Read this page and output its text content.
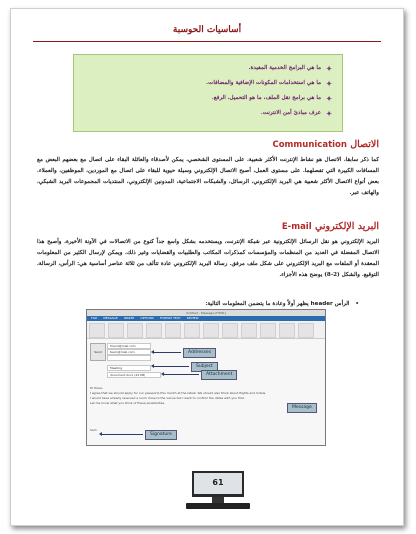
أساسيات الحوسبة
✦
ما هي البرامج الخدمية المفيدة.
✦
ما هي استخدامات المكونات الإضافية والمضافات.
✦
ما هي برامج نقل الملف، ما هو التحميل، الرفع.
✦
عرف مبادئ أمن الانترنت.
الاتصال Communication
كما ذكر سابقا، الاتصال هو نشاط الإنترنت الأكثر شعبية، على المستوى الشخصي، يمكن لأصدقاء والعائلة البقاء على اتصال مع بعضهم البعض مع المسافات الكبيرة التي تفصلهما. على مستوى العمل، أصبح الاتصال الإلكتروني وسيلة حيوية للبقاء على اتصال مع الموردين، الموظفين، والعملاء. بعض أنواع الاتصال الأكثر شعبية هي البريد الإلكتروني، الرسائل، والشبكات الاجتماعية، المدونين الإلكتروني، المنتديات المجموعات البريد الشبكي، والهاتف عبر.
البريد الإلكتروني E-mail
البريد الإلكتروني هو نقل الرسائل الإلكترونية عبر شبكة الإنترنت، ويستخدمه بشكل واسع جداً كنوع من الاتصالات في الآونة الأخيرة، وأصبح هذا الاتصال المفضلة في العديد من المنظمات والمؤسسات كمذكرات المكاتب والطلبيات والقضايات وغير ذلك، ويمكن لإرسال الكثير من المعلومات المعقدة أو الملفات مع البريد الإلكتروني على شكل ملف مرفق. رسالة البريد الإلكتروني عادة تتألف من ثلاثة عناصر أساسية هي: الرأس، الرسالة، التوقيع. والشكل (2-8) يوضح هذه الأجزاء.
• الرأس header يظهر أولاً وعادة ما يتضمن المعلومات التالية:
Untitled - Message (HTML)
FILE MESSAGE INSERT OPTIONS FORMAT TEXT REVIEW
Send
friend@mail.com
team@mail.com
Meeting
document.docx (24 KB)
Hi there,
I agree that we should apply for our passports this month at the latest. We should also think about flights and hotels.
I would have already reserved a room close to the venue but I want to confirm the dates with you first.
Let me know what you think of these possibilities.
Sam
Addresses
Subject
Attachment
Message
Signature
61
